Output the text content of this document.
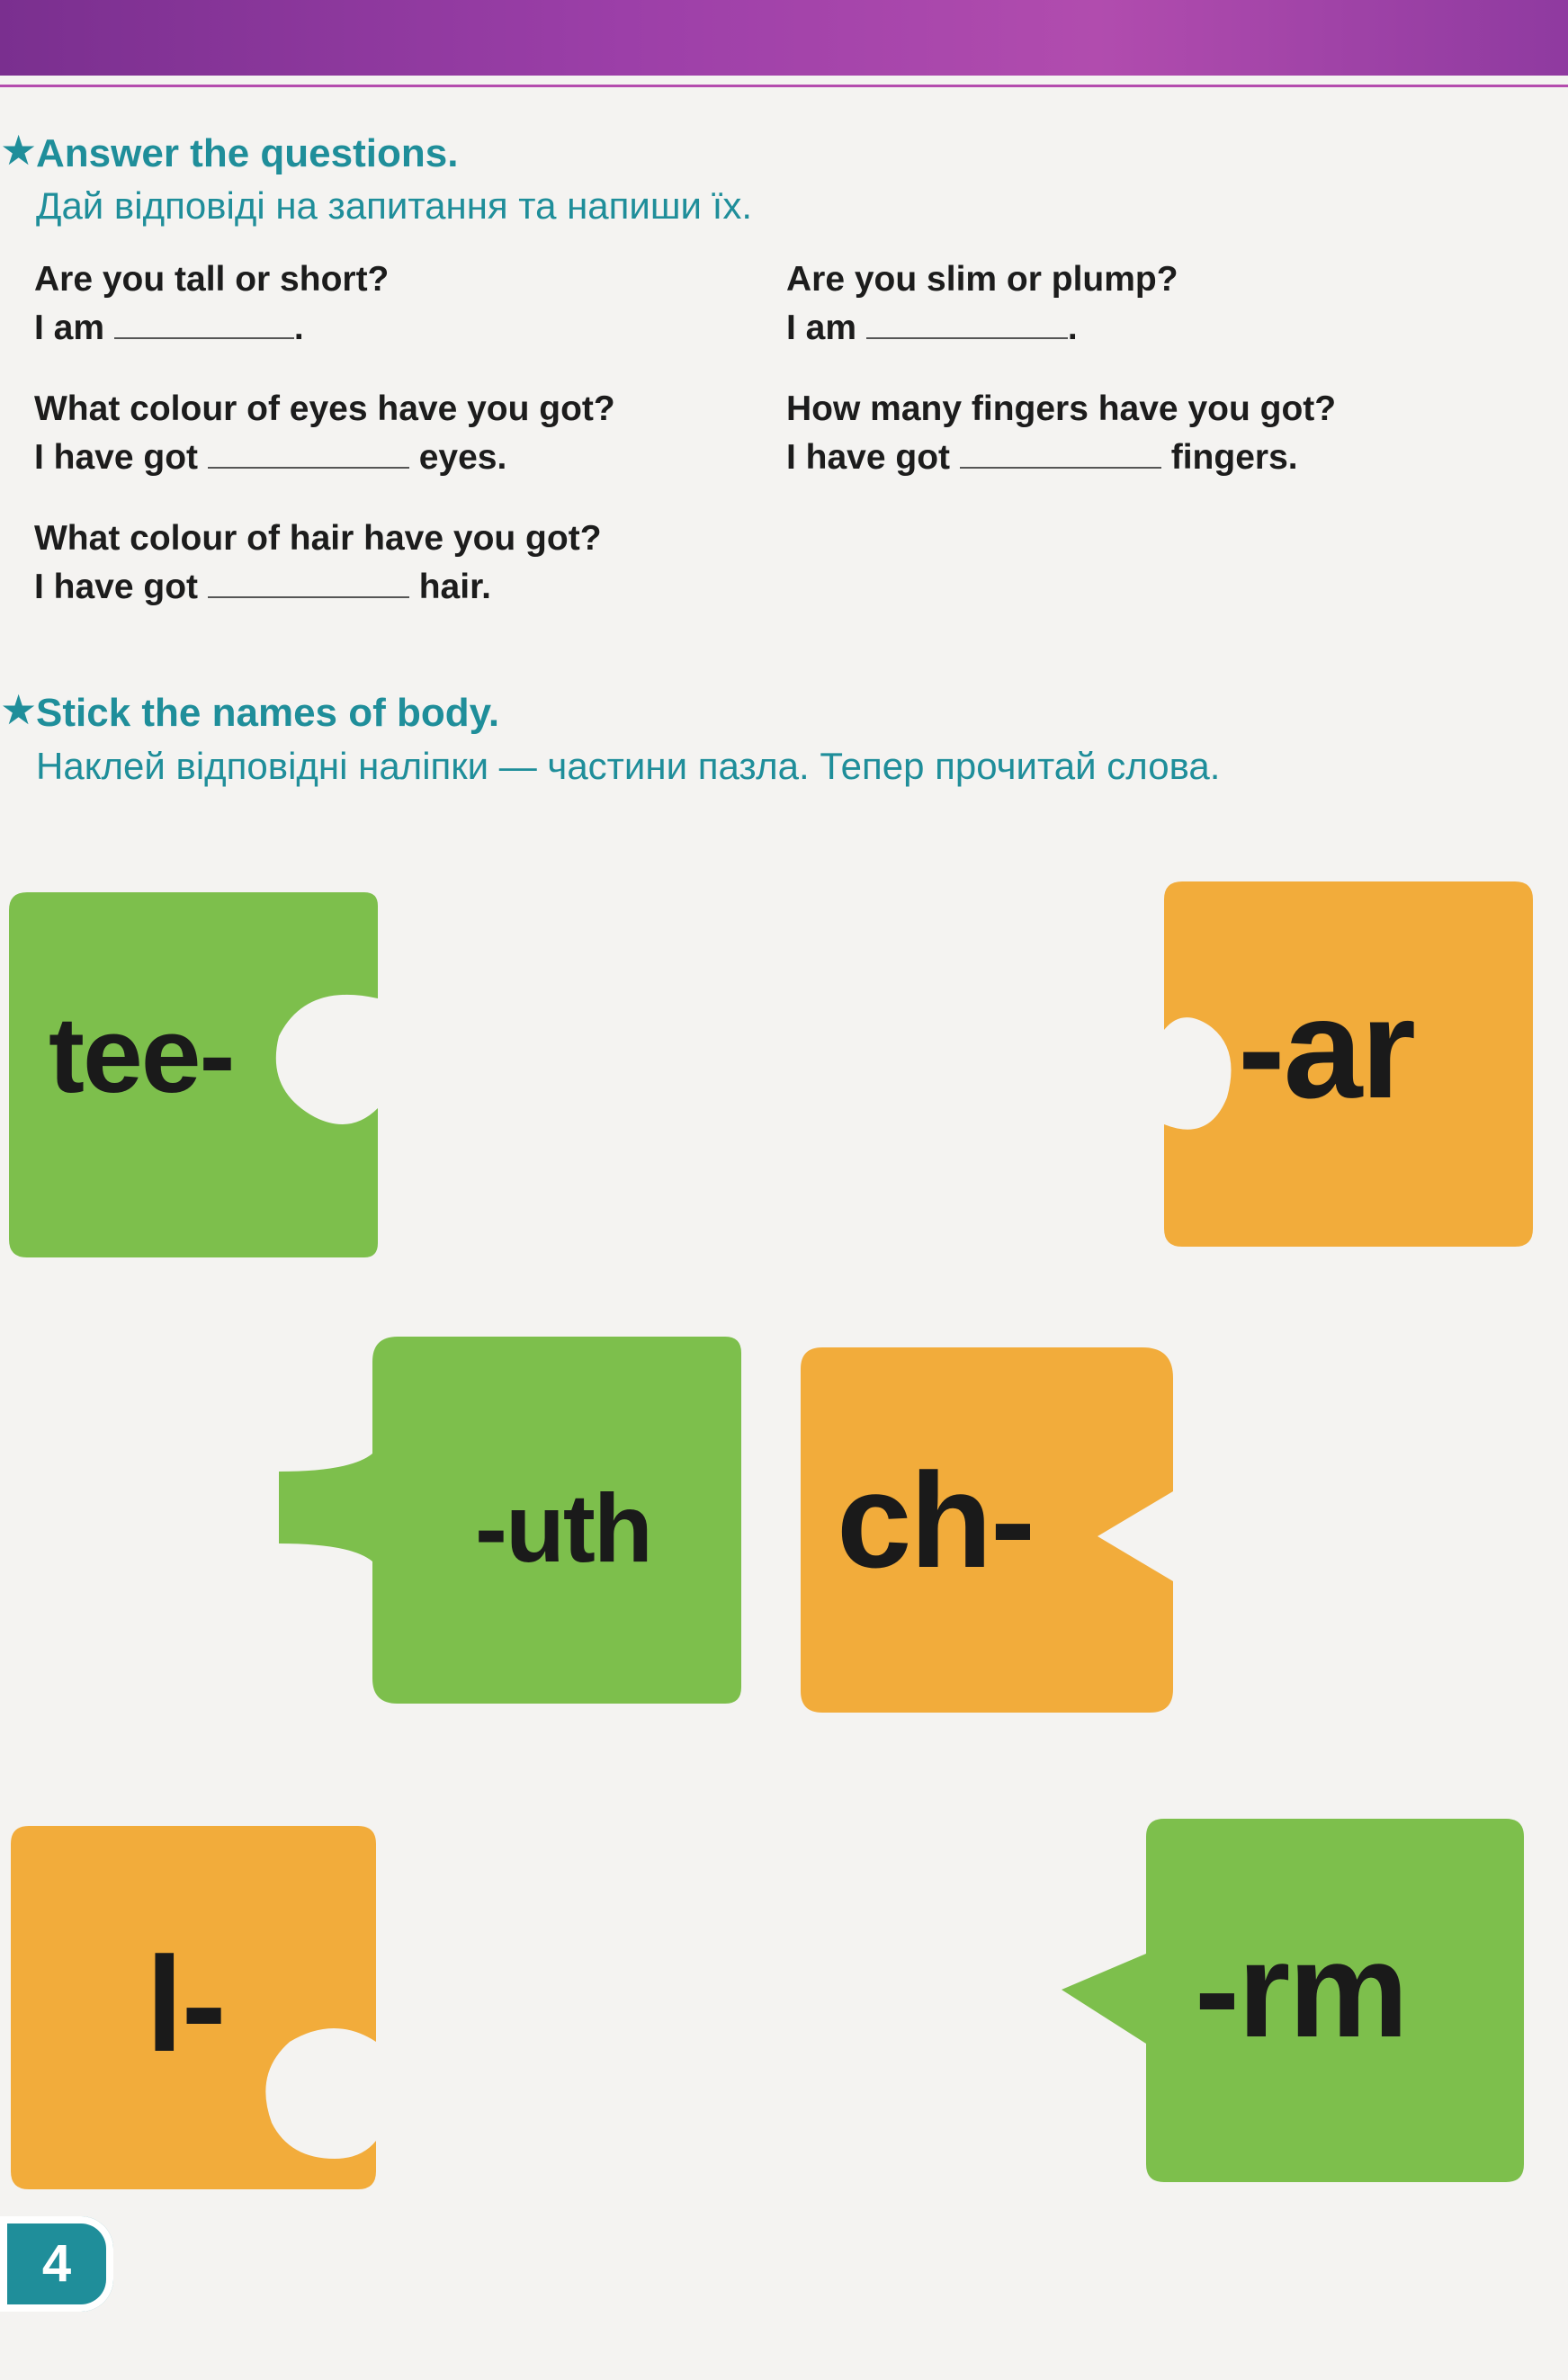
★
Answer the questions.
Дай відповіді на запитання та напиши їх.
Are you tall or short?
I am	.
Are you slim or plump?
I am	.
What colour of eyes have you got?
I have got	eyes.
How many fingers have you got?
I have got	fingers.
What colour of hair have you got?
I have got	hair.
★
Stick the names of body.
Наклей відповідні наліпки — частини пазла. Тепер прочитай слова.
tee-	-ar
-uth ch-
l-	-rm
4
